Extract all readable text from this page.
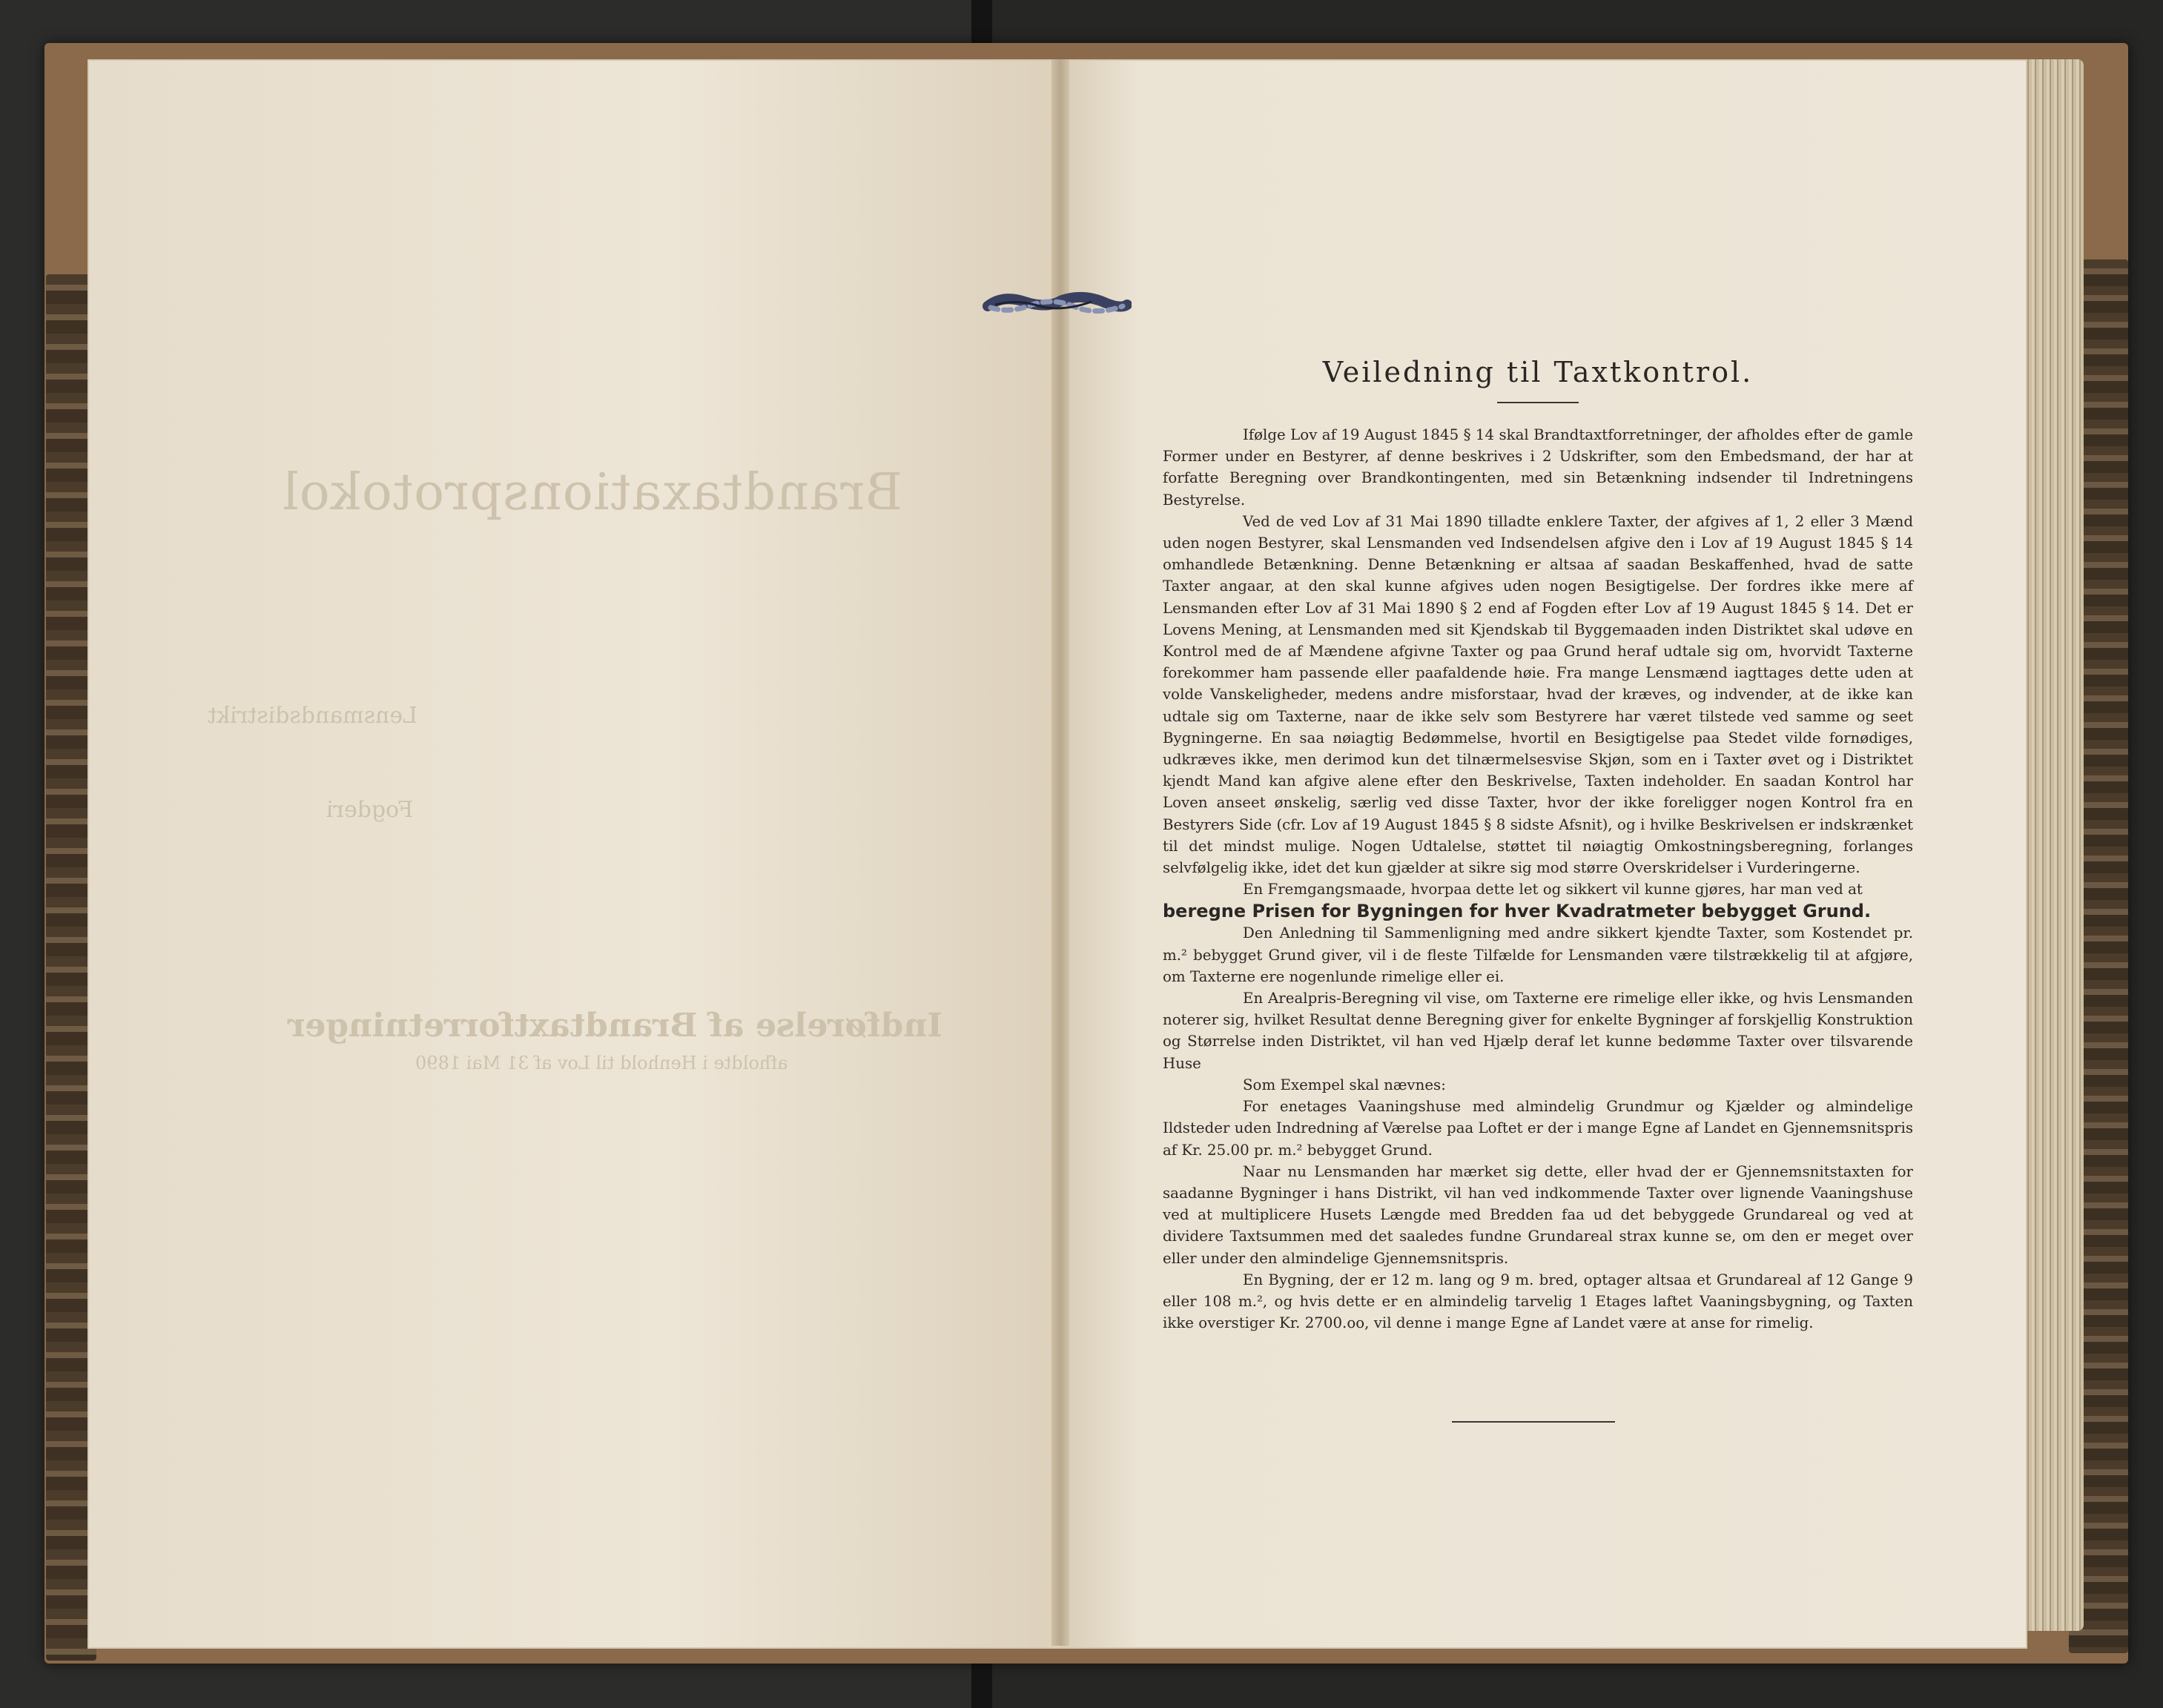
Brandtaxationsprotokol
Lensmandsdistrikt
Fogderi
Indførelse af Brandtaxtforretninger
afholdte i Henhold til Lov af 31 Mai 1890
Veiledning til Taxtkontrol.

Ifølge Lov af 19 August 1845 § 14 skal Brandtaxtforretninger, der afholdes efter de gamle Former under en Bestyrer, af denne beskrives i 2 Udskrifter, som den Embedsmand, der har at forfatte Beregning over Brandkontingenten, med sin Betænkning indsender til Indretningens Bestyrelse.

Ved de ved Lov af 31 Mai 1890 tilladte enklere Taxter, der afgives af 1, 2 eller 3 Mænd uden nogen Bestyrer, skal Lensmanden ved Indsendelsen afgive den i Lov af 19 August 1845 § 14 omhandlede Betænkning. Denne Betænkning er altsaa af saadan Beskaffenhed, hvad de satte Taxter angaar, at den skal kunne afgives uden nogen Besigtigelse. Der fordres ikke mere af Lensmanden efter Lov af 31 Mai 1890 § 2 end af Fogden efter Lov af 19 August 1845 § 14. Det er Lovens Mening, at Lensmanden med sit Kjendskab til Byggemaaden inden Distriktet skal udøve en Kontrol med de af Mændene afgivne Taxter og paa Grund heraf udtale sig om, hvorvidt Taxterne forekommer ham passende eller paafaldende høie. Fra mange Lensmænd iagttages dette uden at volde Vanskeligheder, medens andre misforstaar, hvad der kræves, og indvender, at de ikke kan udtale sig om Taxterne, naar de ikke selv som Bestyrere har været tilstede ved samme og seet Bygningerne. En saa nøiagtig Bedømmelse, hvortil en Besigtigelse paa Stedet vilde fornødiges, udkræves ikke, men derimod kun det tilnærmelsesvise Skjøn, som en i Taxter øvet og i Distriktet kjendt Mand kan afgive alene efter den Beskrivelse, Taxten indeholder. En saadan Kontrol har Loven anseet ønskelig, særlig ved disse Taxter, hvor der ikke foreligger nogen Kontrol fra en Bestyrers Side (cfr. Lov af 19 August 1845 § 8 sidste Afsnit), og i hvilke Beskrivelsen er indskrænket til det mindst mulige. Nogen Udtalelse, støttet til nøiagtig Omkostningsberegning, forlanges selvfølgelig ikke, idet det kun gjælder at sikre sig mod større Overskridelser i Vurderingerne.

En Fremgangsmaade, hvorpaa dette let og sikkert vil kunne gjøres, har man ved at

beregne Prisen for Bygningen for hver Kvadratmeter bebygget Grund.

Den Anledning til Sammenligning med andre sikkert kjendte Taxter, som Kostendet pr. m.² bebygget Grund giver, vil i de fleste Tilfælde for Lensmanden være tilstrækkelig til at afgjøre, om Taxterne ere nogenlunde rimelige eller ei.

En Arealpris-Beregning vil vise, om Taxterne ere rimelige eller ikke, og hvis Lensmanden noterer sig, hvilket Resultat denne Beregning giver for enkelte Bygninger af forskjellig Konstruktion og Størrelse inden Distriktet, vil han ved Hjælp deraf let kunne bedømme Taxter over tilsvarende Huse

Som Exempel skal nævnes:

For enetages Vaaningshuse med almindelig Grundmur og Kjælder og almindelige Ildsteder uden Indredning af Værelse paa Loftet er der i mange Egne af Landet en Gjennemsnitspris af Kr. 25.00 pr. m.² bebygget Grund.

Naar nu Lensmanden har mærket sig dette, eller hvad der er Gjennemsnitstaxten for saadanne Bygninger i hans Distrikt, vil han ved indkommende Taxter over lignende Vaaningshuse ved at multiplicere Husets Længde med Bredden faa ud det bebyggede Grundareal og ved at dividere Taxtsummen med det saaledes fundne Grundareal strax kunne se, om den er meget over eller under den almindelige Gjennemsnitspris.

En Bygning, der er 12 m. lang og 9 m. bred, optager altsaa et Grundareal af 12 Gange 9 eller 108 m.², og hvis dette er en almindelig tarvelig 1 Etages laftet Vaaningsbygning, og Taxten ikke overstiger Kr. 2700.oo, vil denne i mange Egne af Landet være at anse for rimelig.
